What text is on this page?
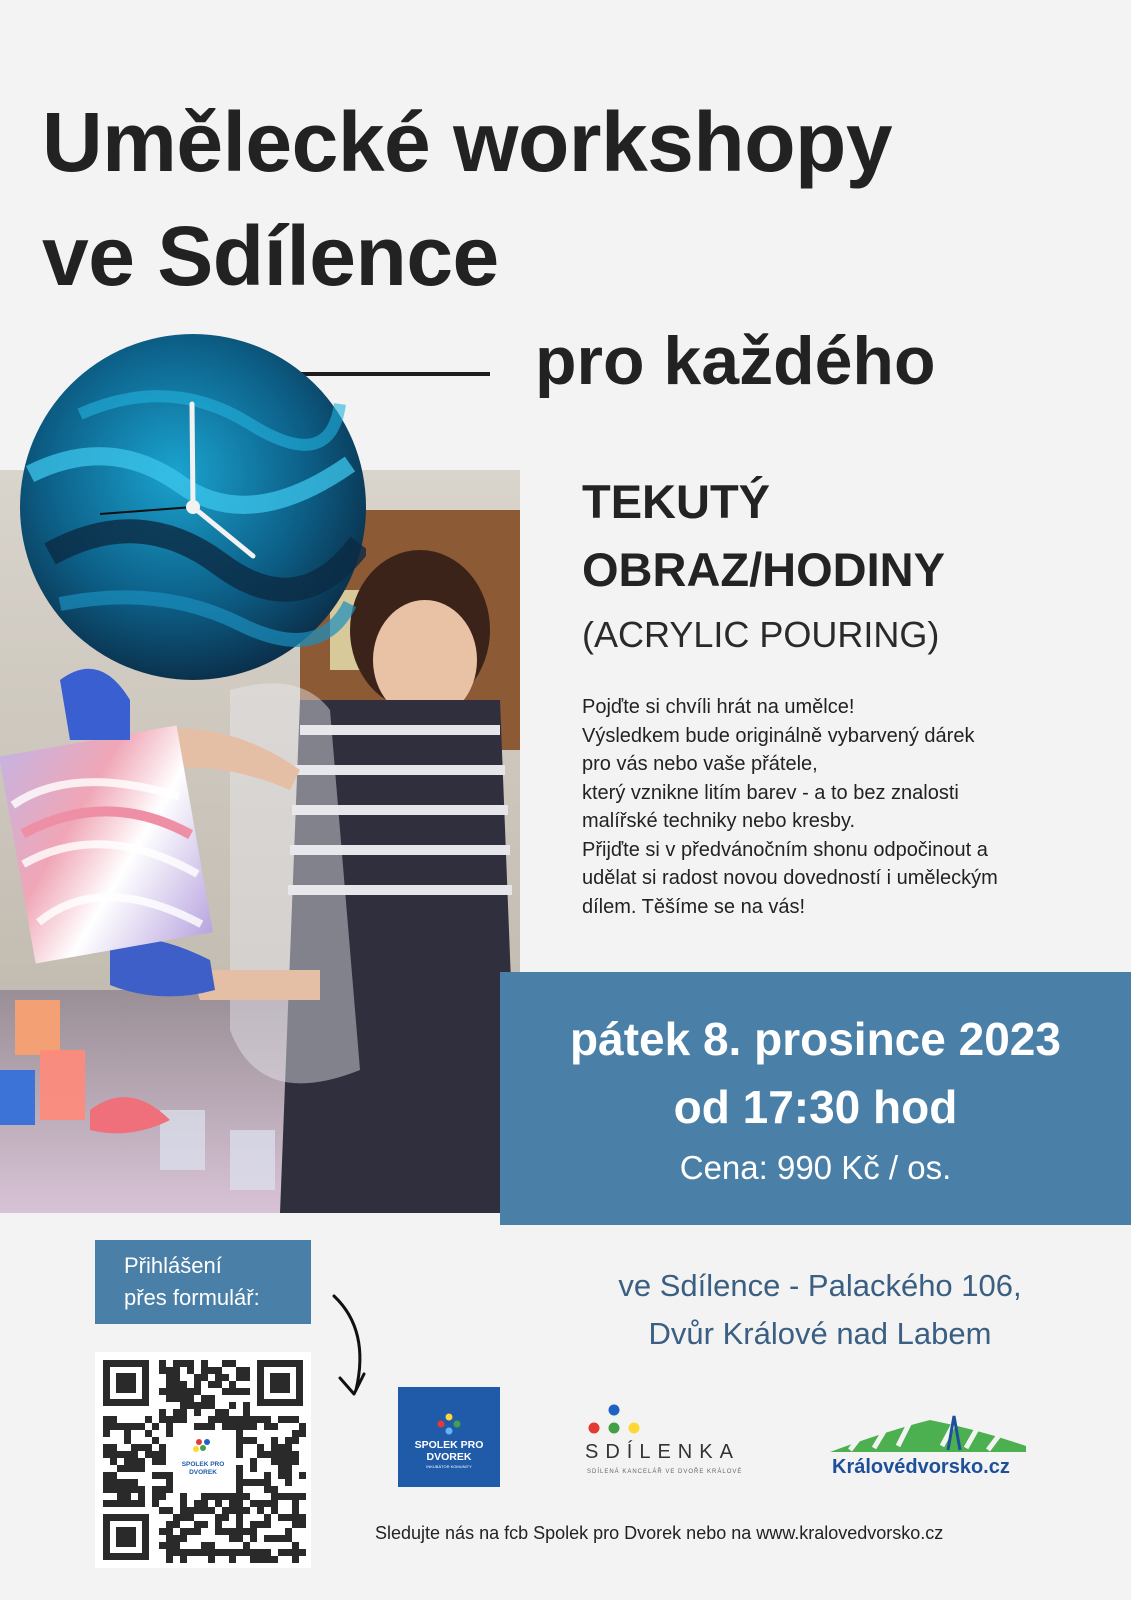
Umělecké workshopy
ve Sdílence
pro každého
TEKUTÝ
OBRAZ/HODINY
(ACRYLIC POURING)
Pojďte si chvíli hrát na umělce!
Výsledkem bude originálně vybarvený dárek
pro vás nebo vaše přátele,
který vznikne litím barev - a to bez znalosti
malířské techniky nebo kresby.
Přijďte si v předvánočním shonu odpočinout a
udělat si radost novou dovedností i uměleckým
dílem. Těšíme se na vás!
pátek 8. prosince 2023
od 17:30 hod
Cena: 990 Kč / os.
Přihlášení
přes formulář:
SPOLEK PRO
DVOREK
ve Sdílence - Palackého 106,
Dvůr Králové nad Labem
SPOLEK PRO
DVOREK
INKUBÁTOR KOMUNITY
SDÍLENKA
SDÍLENÁ KANCELÁŘ VE DVOŘE KRÁLOVÉ	Královédvorsko.cz
Sledujte nás na fcb Spolek pro Dvorek nebo na www.kralovedvorsko.cz
